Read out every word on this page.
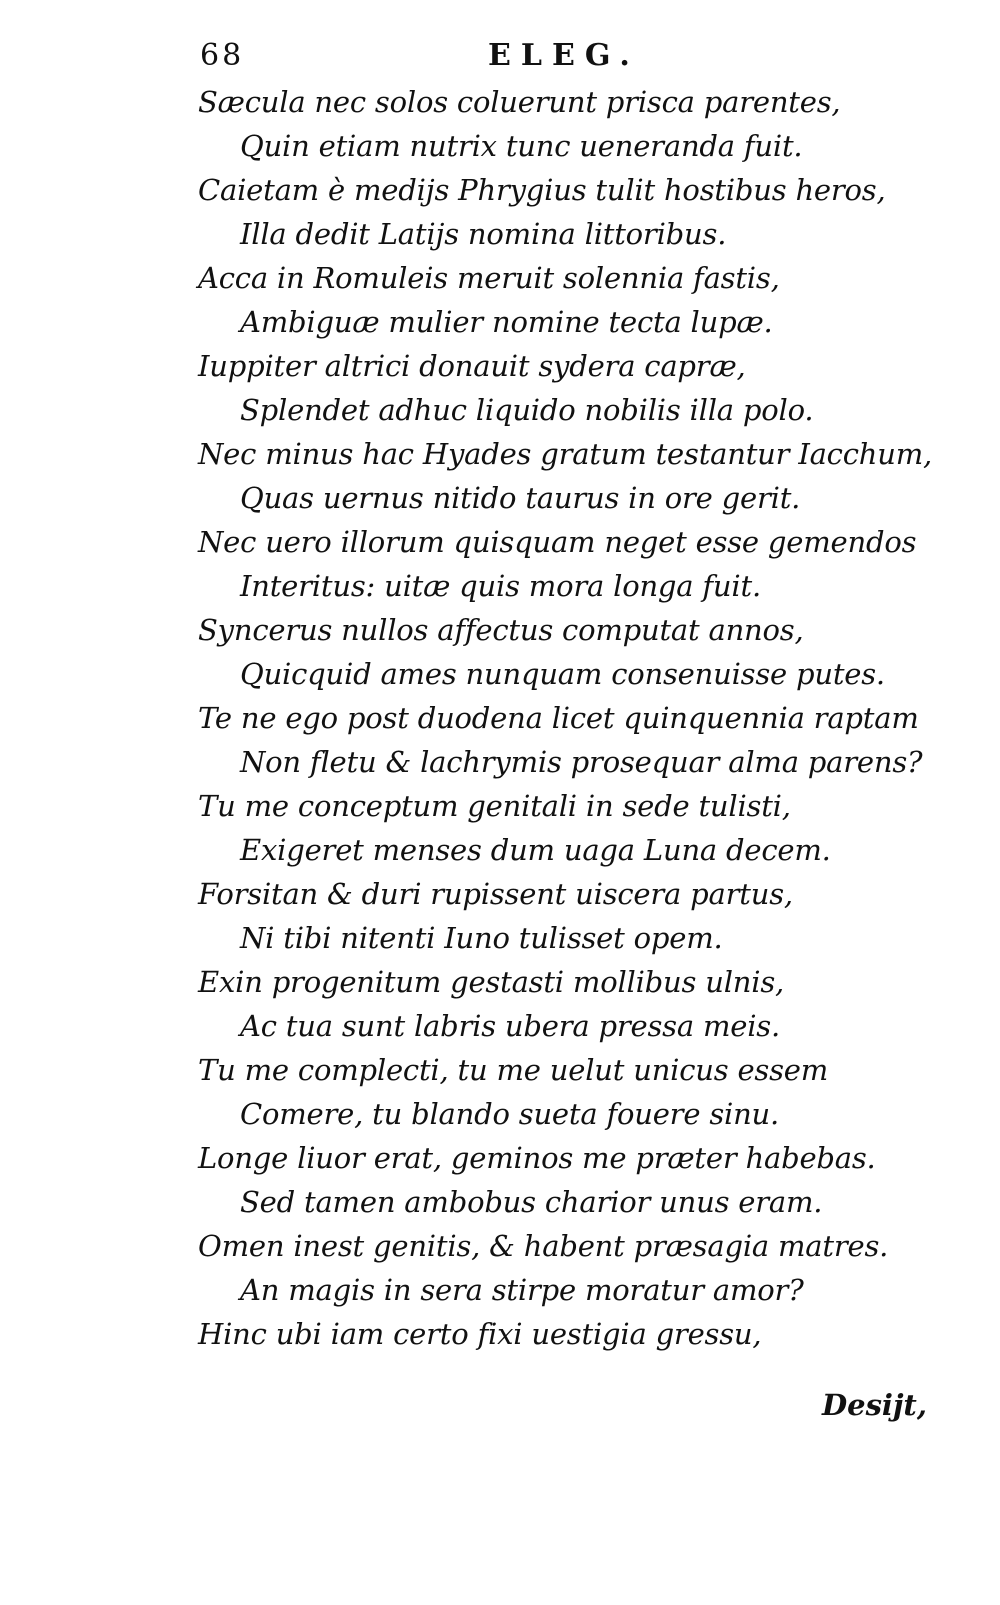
68	ELEG.
Sæcula nec solos coluerunt prisca parentes,
Quin etiam nutrix tunc ueneranda fuit.
Caietam è medijs Phrygius tulit hostibus heros,
Illa dedit Latijs nomina littoribus.
Acca in Romuleis meruit solennia fastis,
Ambiguæ mulier nomine tecta lupæ.
Iuppiter altrici donauit sydera capræ,
Splendet adhuc liquido nobilis illa polo.
Nec minus hac Hyades gratum testantur Iacchum,
Quas uernus nitido taurus in ore gerit.
Nec uero illorum quisquam neget esse gemendos
Interitus: uitæ quis mora longa fuit.
Syncerus nullos affectus computat annos,
Quicquid ames nunquam consenuisse putes.
Te ne ego post duodena licet quinquennia raptam
Non fletu & lachrymis prosequar alma parens?
Tu me conceptum genitali in sede tulisti,
Exigeret menses dum uaga Luna decem.
Forsitan & duri rupissent uiscera partus,
Ni tibi nitenti Iuno tulisset opem.
Exin progenitum gestasti mollibus ulnis,
Ac tua sunt labris ubera pressa meis.
Tu me complecti, tu me uelut unicus essem
Comere, tu blando sueta fouere sinu.
Longe liuor erat, geminos me præter habebas.
Sed tamen ambobus charior unus eram.
Omen inest genitis, & habent præsagia matres.
An magis in sera stirpe moratur amor?
Hinc ubi iam certo fixi uestigia gressu,
Desijt,
